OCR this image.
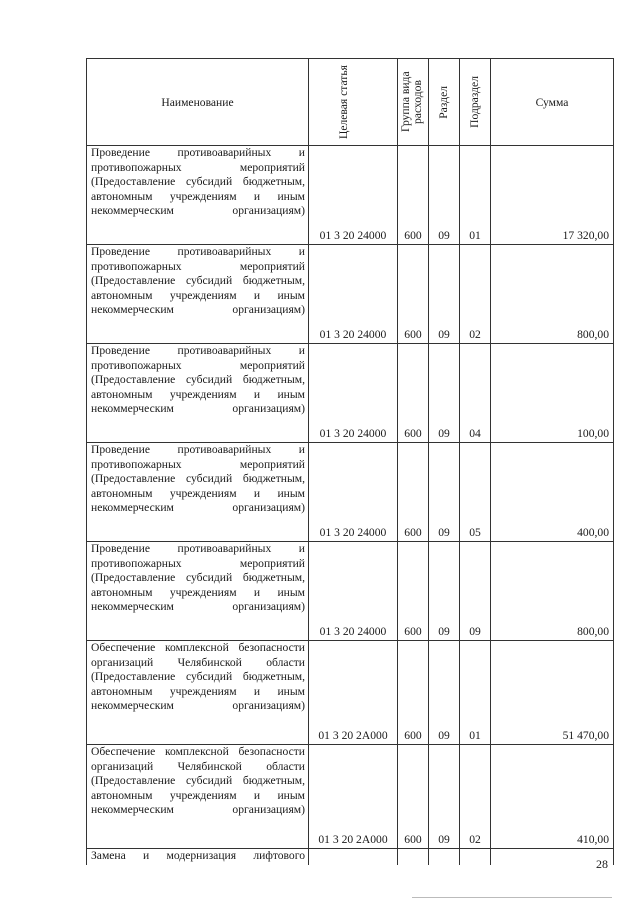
Наименование	Целевая статья	Группа вида расходов	Раздел	Подраздел	Сумма
Проведение противоаварийных и противопожарных мероприятий (Предоставление субсидий бюджетным, автономным учреждениям и иным некоммерческим организациям)	01 3 20 24000	600	09	01	17 320,00
Проведение противоаварийных и противопожарных мероприятий (Предоставление субсидий бюджетным, автономным учреждениям и иным некоммерческим организациям)	01 3 20 24000	600	09	02	800,00
Проведение противоаварийных и противопожарных мероприятий (Предоставление субсидий бюджетным, автономным учреждениям и иным некоммерческим организациям)	01 3 20 24000	600	09	04	100,00
Проведение противоаварийных и противопожарных мероприятий (Предоставление субсидий бюджетным, автономным учреждениям и иным некоммерческим организациям)	01 3 20 24000	600	09	05	400,00
Проведение противоаварийных и противопожарных мероприятий (Предоставление субсидий бюджетным, автономным учреждениям и иным некоммерческим организациям)	01 3 20 24000	600	09	09	800,00
Обеспечение комплексной безопасности организаций Челябинской области (Предоставление субсидий бюджетным, автономным учреждениям и иным некоммерческим организациям)	01 3 20 2A000	600	09	01	51 470,00
Обеспечение комплексной безопасности организаций Челябинской области (Предоставление субсидий бюджетным, автономным учреждениям и иным некоммерческим организациям)	01 3 20 2A000	600	09	02	410,00
Замена и модернизация лифтового					
28
